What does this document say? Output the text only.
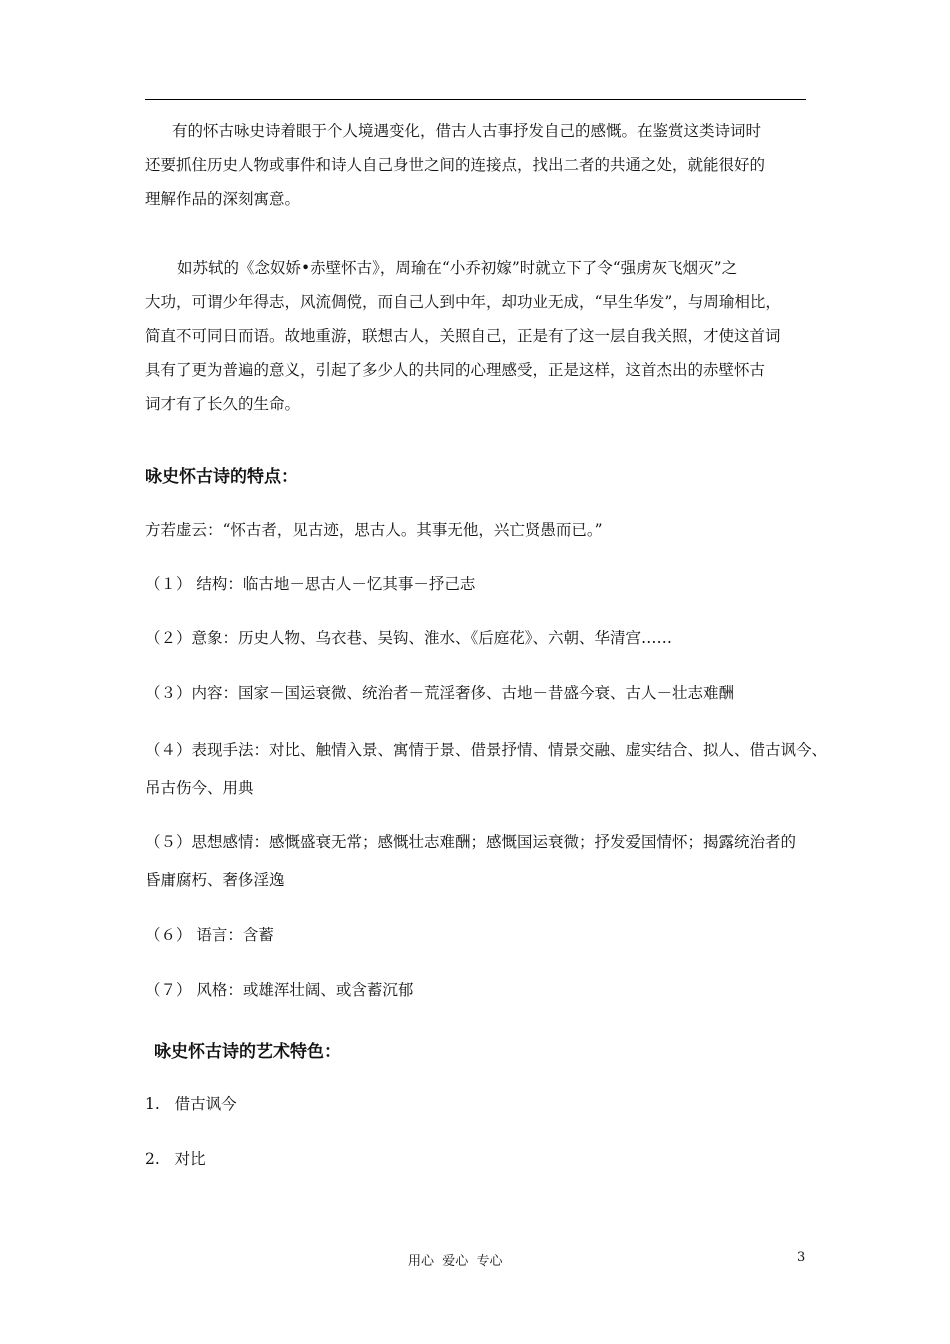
有的怀古咏史诗着眼于个人境遇变化，借古人古事抒发自己的感慨。在鉴赏这类诗词时
还要抓住历史人物或事件和诗人自己身世之间的连接点，找出二者的共通之处，就能很好的
理解作品的深刻寓意。
如苏轼的《念奴娇•赤壁怀古》，周瑜在“小乔初嫁”时就立下了令“强虏灰飞烟灭”之
大功，可谓少年得志，风流倜傥，而自己人到中年，却功业无成，“早生华发”，与周瑜相比，
简直不可同日而语。故地重游，联想古人，关照自己，正是有了这一层自我关照，才使这首词
具有了更为普遍的意义，引起了多少人的共同的心理感受，正是这样，这首杰出的赤壁怀古
词才有了长久的生命。
咏史怀古诗的特点：
方若虚云：“怀古者，见古迹，思古人。其事无他，兴亡贤愚而已。”
（１） 结构：临古地－思古人－忆其事－抒己志
（２）意象：历史人物、乌衣巷、吴钩、淮水、《后庭花》、六朝、华清宫……
（３）内容：国家－国运衰微、统治者－荒淫奢侈、古地－昔盛今衰、古人－壮志难酬
（４）表现手法：对比、触情入景、寓情于景、借景抒情、情景交融、虚实结合、拟人、借古讽今、
吊古伤今、用典
（５）思想感情：感慨盛衰无常；感慨壮志难酬；感慨国运衰微；抒发爱国情怀；揭露统治者的
昏庸腐朽、奢侈淫逸
（６） 语言：含蓄
（７） 风格：或雄浑壮阔、或含蓄沉郁
咏史怀古诗的艺术特色：
1.   借古讽今
2.   对比
用心  爱心  专心	3
